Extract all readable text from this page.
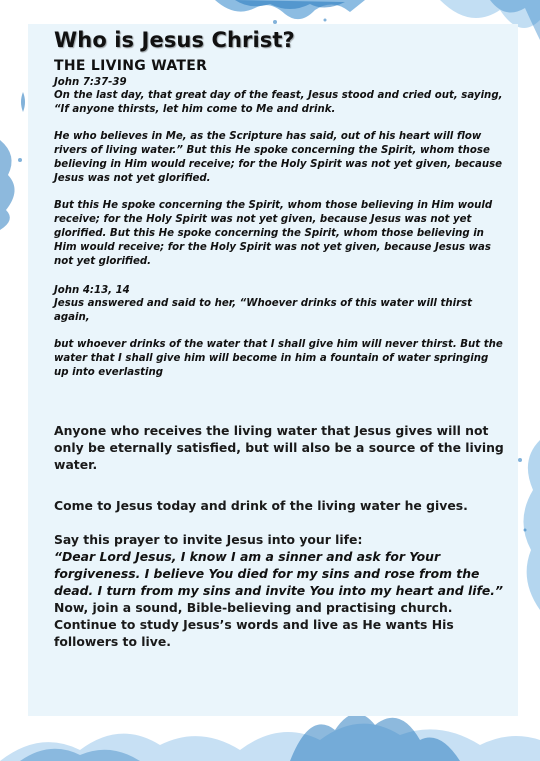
Who is Jesus Christ?
THE LIVING WATER
John 7:37-39

On the last day, that great day of the feast, Jesus stood and cried out, saying, “If anyone thirsts, let him come to Me and drink.

He who believes in Me, as the Scripture has said, out of his heart will flow rivers of living water.” But this He spoke concerning the Spirit, whom those believing in Him would receive; for the Holy Spirit was not yet given, because Jesus was not yet glorified.

But this He spoke concerning the Spirit, whom those believing in Him would receive; for the Holy Spirit was not yet given, because Jesus was not yet glorified. But this He spoke concerning the Spirit, whom those believing in Him would receive; for the Holy Spirit was not yet given, because Jesus was not yet glorified.

John 4:13, 14

Jesus answered and said to her, “Whoever drinks of this water will thirst again,

but whoever drinks of the water that I shall give him will never thirst. But the water that I shall give him will become in him a fountain of water springing up into everlasting

Anyone who receives the living water that Jesus gives will not only be eternally satisfied, but will also be a source of the living water.

Come to Jesus today and drink of the living water he gives.

Say this prayer to invite Jesus into your life:

“Dear Lord Jesus, I know I am a sinner and ask for Your forgiveness. I believe You died for my sins and rose from the dead. I turn from my sins and invite You into my heart and life.”

Now, join a sound, Bible-believing and practising church. Continue to study Jesus’s words and live as He wants His followers to live.
